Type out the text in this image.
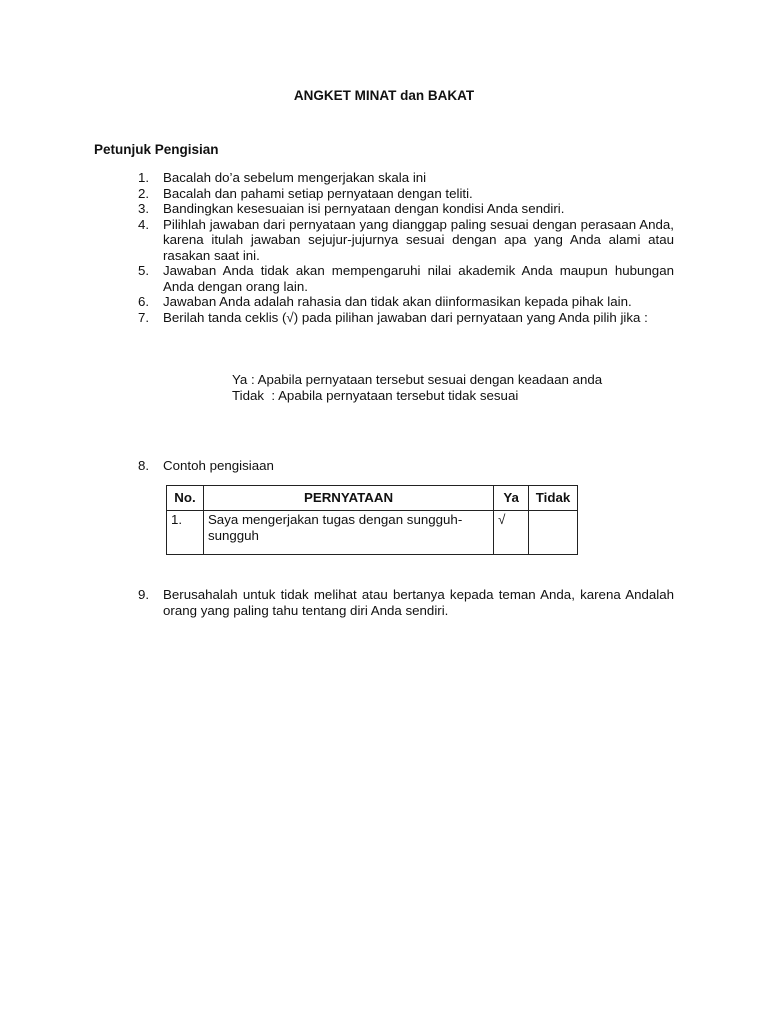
ANGKET MINAT dan BAKAT
Petunjuk Pengisian
1. Bacalah do’a sebelum mengerjakan skala ini
2. Bacalah dan pahami setiap pernyataan dengan teliti.
3. Bandingkan kesesuaian isi pernyataan dengan kondisi Anda sendiri.
4. Pilihlah jawaban dari pernyataan yang dianggap paling sesuai dengan perasaan Anda, karena itulah jawaban sejujur-jujurnya sesuai dengan apa yang Anda alami atau rasakan saat ini.
5. Jawaban Anda tidak akan mempengaruhi nilai akademik Anda maupun hubungan Anda dengan orang lain.
6. Jawaban Anda adalah rahasia dan tidak akan diinformasikan kepada pihak lain.
7. Berilah tanda ceklis (√) pada pilihan jawaban dari pernyataan yang Anda pilih jika :
Ya : Apabila pernyataan tersebut sesuai dengan keadaan anda
Tidak  : Apabila pernyataan tersebut tidak sesuai
8. Contoh pengisiaan
No.	PERNYATAAN	Ya	Tidak
1.	Saya mengerjakan tugas dengan sungguh-sungguh	√	
9.	Berusahalah untuk tidak melihat atau bertanya kepada teman Anda, karena Andalah orang yang paling tahu tentang diri Anda sendiri.
